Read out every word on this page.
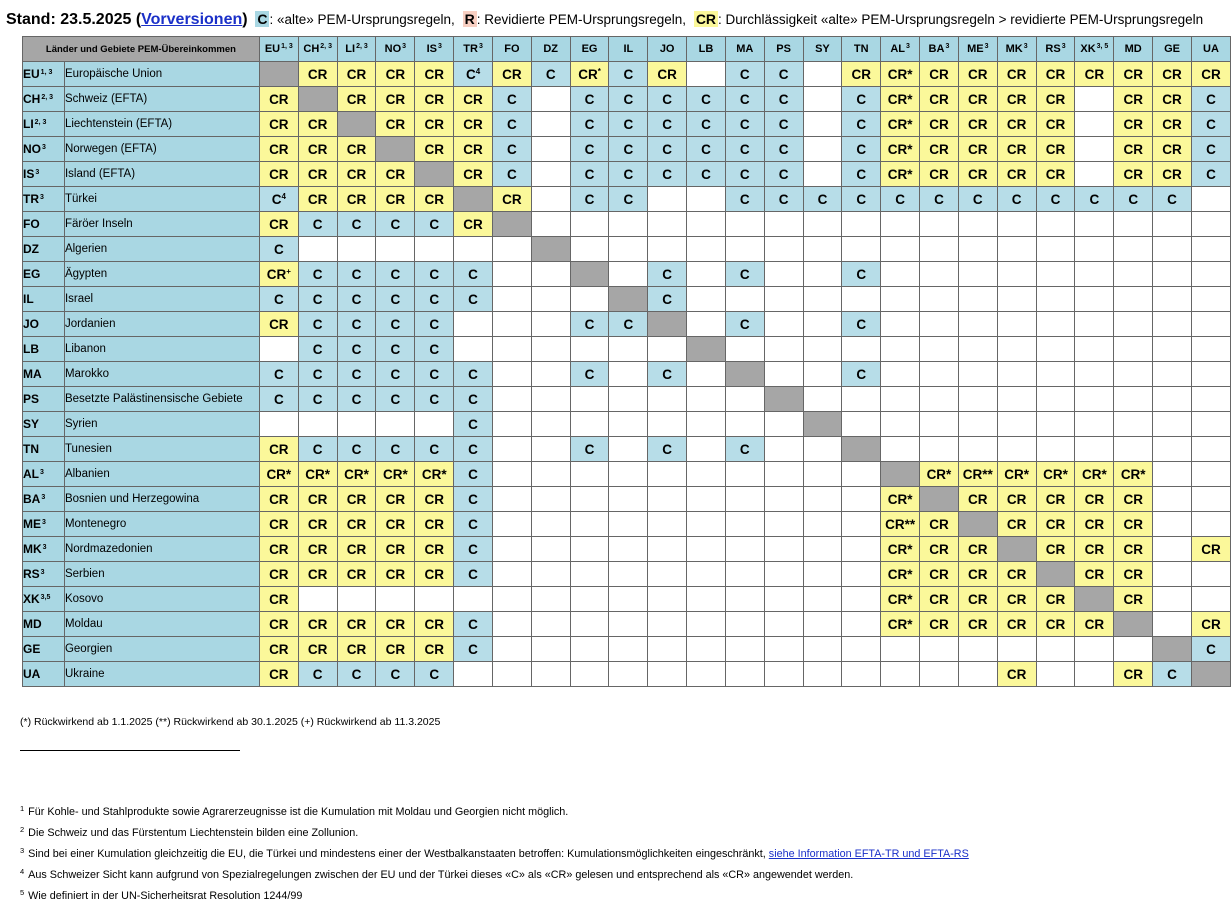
Stand: 23.5.2025 (Vorversionen) C : «alte» PEM-Ursprungsregeln, R : Revidierte PEM-Ursprungsregeln, CR : Durchlässigkeit «alte» PEM-Ursprungsregeln > revidierte PEM-Ursprungsregeln
Länder und Gebiete PEM-Übereinkommen		EU$^{1, 3}$	CH$^{2, 3}$	LI$^{2, 3}$	$NO^3$	$IS^3$	$TR^3$	FO	DZ	EG	IL	JO	LB	MA	PS	SY	TN	$AL^3$	$BA^3$	$ME^3$	$MK^3$	$RS^3$	XK$^{3, 5}$	MD	GE	UA
EU$^{1, 3}$	Europäische Union		CR	CR	CR	CR	$C^4$	CR	C	CR*	C	CR		C	C		CR	CR*	CR	CR	CR	CR	CR	CR	CR	CR
CH$^{2, 3}$	Schweiz (EFTA)	CR		CR	CR	CR	CR	C		C	C	C	C	C	C		C	CR*	CR	CR	CR	CR		CR	CR	C
LI$^{2, 3}$	Liechtenstein (EFTA)	CR	CR		CR	CR	CR	C		C	C	C	C	C	C		C	CR*	CR	CR	CR	CR		CR	CR	C
$NO^3$	Norwegen (EFTA)	CR	CR	CR		CR	CR	C		C	C	C	C	C	C		C	CR*	CR	CR	CR	CR		CR	CR	C
$IS^3$	Island (EFTA)	CR	CR	CR	CR		CR	C		C	C	C	C	C	C		C	CR*	CR	CR	CR	CR		CR	CR	C
$TR^3$	Türkei	$C^4$	CR	CR	CR	CR		CR		C	C			C	C	C	C	C	C	C	C	C	C	C	C	
FO	Färöer Inseln	CR	C	C	C	C	CR																			
DZ	Algerien	C																								
EG	Ägypten	CR+	C	C	C	C	C					C		C			C									
IL	Israel	C	C	C	C	C	C					C														
JO	Jordanien	CR	C	C	C	C				C	C			C			C									
LB	Libanon		C	C	C	C																				
MA	Marokko	C	C	C	C	C	C			C		C					C									
PS	Besetzte Palästinensische Gebiete	C	C	C	C	C	C																			
SY	Syrien						C																			
TN	Tunesien	CR	C	C	C	C	C			C		C		C												
$AL^3$	Albanien	CR*	CR*	CR*	CR*	CR*	C												CR*	CR**	CR*	CR*	CR*	CR*		
$BA^3$	Bosnien und Herzegowina	CR	CR	CR	CR	CR	C											CR*		CR	CR	CR	CR	CR		
$ME^3$	Montenegro	CR	CR	CR	CR	CR	C											CR**	CR		CR	CR	CR	CR		
$MK^3$	Nordmazedonien	CR	CR	CR	CR	CR	C											CR*	CR	CR		CR	CR	CR		CR
$RS^3$	Serbien	CR	CR	CR	CR	CR	C											CR*	CR	CR	CR		CR	CR		
XK$^{3,5}$	Kosovo	CR																CR*	CR	CR	CR	CR		CR		
MD	Moldau	CR	CR	CR	CR	CR	C											CR*	CR	CR	CR	CR	CR			CR
GE	Georgien	CR	CR	CR	CR	CR	C																			C
UA	Ukraine	CR	C	C	C	C															CR			CR	C	
(*) Rückwirkend ab 1.1.2025 (**) Rückwirkend ab 30.1.2025 (+) Rückwirkend ab 11.3.2025
$^1$ Für Kohle- und Stahlprodukte sowie Agrarerzeugnisse ist die Kumulation mit Moldau und Georgien nicht möglich.
$^2$ Die Schweiz und das Fürstentum Liechtenstein bilden eine Zollunion.
$^3$ Sind bei einer Kumulation gleichzeitig die EU, die Türkei und mindestens einer der Westbalkanstaaten betroffen: Kumulationsmöglichkeiten eingeschränkt, siehe Information EFTA-TR und EFTA-RS
$^4$ Aus Schweizer Sicht kann aufgrund von Spezialregelungen zwischen der EU und der Türkei dieses «C» als «CR» gelesen und entsprechend als «CR» angewendet werden.
$^5$ Wie definiert in der UN-Sicherheitsrat Resolution 1244/99
